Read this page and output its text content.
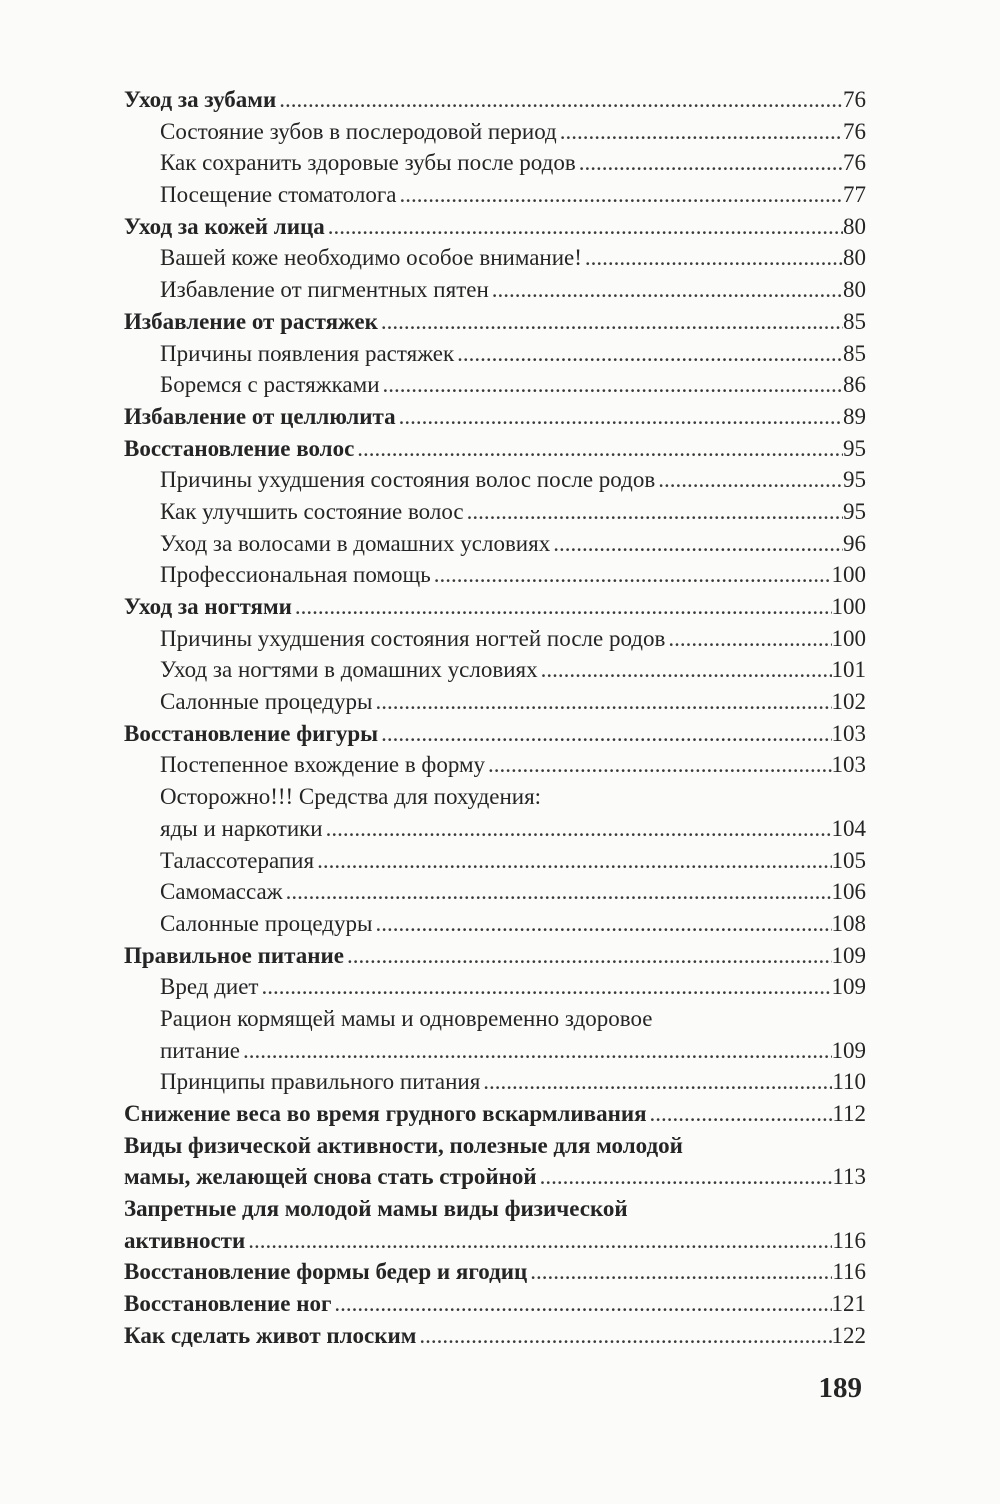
Уход за зубами .....	76
Состояние зубов в послеродовой период .....	76
Как сохранить здоровые зубы после родов .....	76
Посещение стоматолога .....	77
Уход за кожей лица .....	80
Вашей коже необходимо особое внимание! .....	80
Избавление от пигментных пятен .....	80
Избавление от растяжек .....	85
Причины появления растяжек .....	85
Боремся с растяжками .....	86
Избавление от целлюлита .....	89
Восстановление волос .....	95
Причины ухудшения состояния волос после родов .....	95
Как улучшить состояние волос .....	95
Уход за волосами в домашних условиях .....	96
Профессиональная помощь .....	100
Уход за ногтями .....	100
Причины ухудшения состояния ногтей после родов .....	100
Уход за ногтями в домашних условиях .....	101
Салонные процедуры .....	102
Восстановление фигуры .....	103
Постепенное вхождение в форму .....	103
Осторожно!!! Средства для похудения:
яды и наркотики .....	104
Талассотерапия .....	105
Самомассаж .....	106
Салонные процедуры .....	108
Правильное питание .....	109
Вред диет .....	109
Рацион кормящей мамы и одновременно здоровое
питание .....	109
Принципы правильного питания .....	110
Снижение веса во время грудного вскармливания .....	112
Виды физической активности, полезные для молодой
мамы, желающей снова стать стройной .....	113
Запретные для молодой мамы виды физической
активности .....	116
Восстановление формы бедер и ягодиц .....	116
Восстановление ног .....	121
Как сделать живот плоским .....	122
189
